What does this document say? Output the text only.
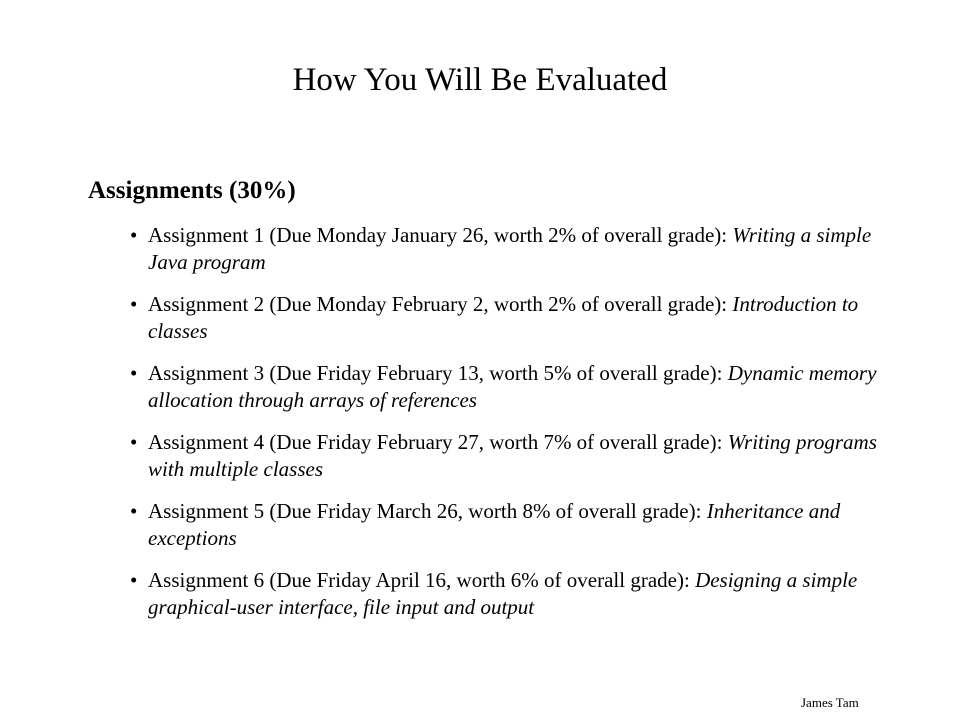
How You Will Be Evaluated
Assignments (30%)
• Assignment 1 (Due Monday January 26, worth 2% of overall grade): Writing a simple Java program
• Assignment 2 (Due Monday February 2, worth 2% of overall grade): Introduction to classes
• Assignment 3 (Due Friday February 13, worth 5% of overall grade): Dynamic memory allocation through arrays of references
• Assignment 4 (Due Friday February 27, worth 7% of overall grade): Writing programs with multiple classes
• Assignment 5 (Due Friday March 26, worth 8% of overall grade): Inheritance and exceptions
• Assignment 6 (Due Friday April 16, worth 6% of overall grade): Designing a simple graphical-user interface, file input and output
James Tam
